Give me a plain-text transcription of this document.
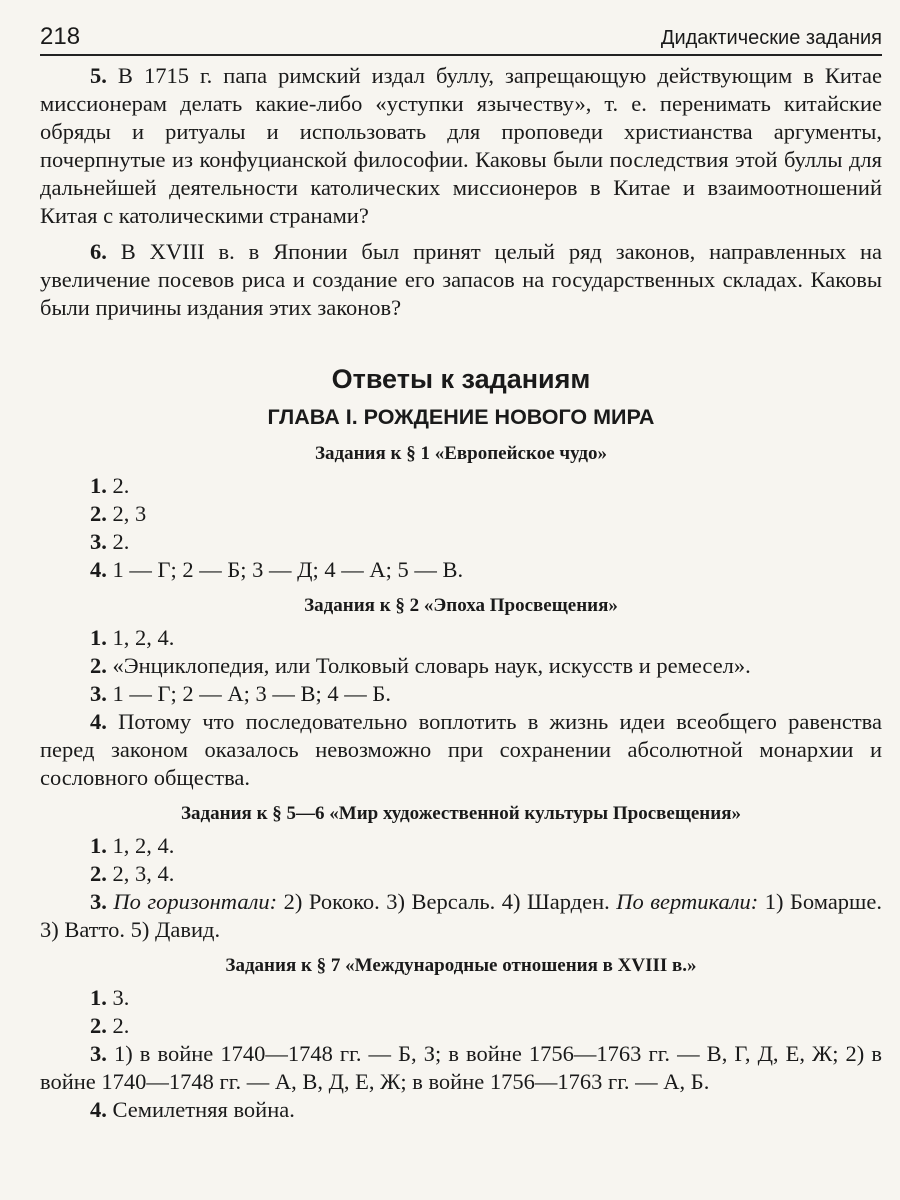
218	Дидактические задания

5. В 1715 г. папа римский издал буллу, запрещающую действующим в Китае миссионерам делать какие-либо «уступки язычеству», т. е. перенимать китайские обряды и ритуалы и использовать для проповеди христианства аргументы, почерпнутые из конфуцианской философии. Каковы были последствия этой буллы для дальнейшей деятельности католических миссионеров в Китае и взаимоотношений Китая с католическими странами?

6. В XVIII в. в Японии был принят целый ряд законов, направленных на увеличение посевов риса и создание его запасов на государственных складах. Каковы были причины издания этих законов?

Ответы к заданиям
ГЛАВА I. РОЖДЕНИЕ НОВОГО МИРА
Задания к § 1 «Европейское чудо»

1. 2.

2. 2, 3

3. 2.

4. 1 — Г; 2 — Б; 3 — Д; 4 — А; 5 — В.

Задания к § 2 «Эпоха Просвещения»

1. 1, 2, 4.

2. «Энциклопедия, или Толковый словарь наук, искусств и ремесел».

3. 1 — Г; 2 — А; 3 — В; 4 — Б.

4. Потому что последовательно воплотить в жизнь идеи всеобщего равенства перед законом оказалось невозможно при сохранении абсолютной монархии и сословного общества.

Задания к § 5—6 «Мир художественной культуры Просвещения»

1. 1, 2, 4.

2. 2, 3, 4.

3. По горизонтали: 2) Рококо. 3) Версаль. 4) Шарден. По вертикали: 1) Бомарше. 3) Ватто. 5) Давид.

Задания к § 7 «Международные отношения в XVIII в.»

1. 3.

2. 2.

3. 1) в войне 1740—1748 гг. — Б, З; в войне 1756—1763 гг. — В, Г, Д, Е, Ж; 2) в войне 1740—1748 гг. — А, В, Д, Е, Ж; в войне 1756—1763 гг. — А, Б.

4. Семилетняя война.
